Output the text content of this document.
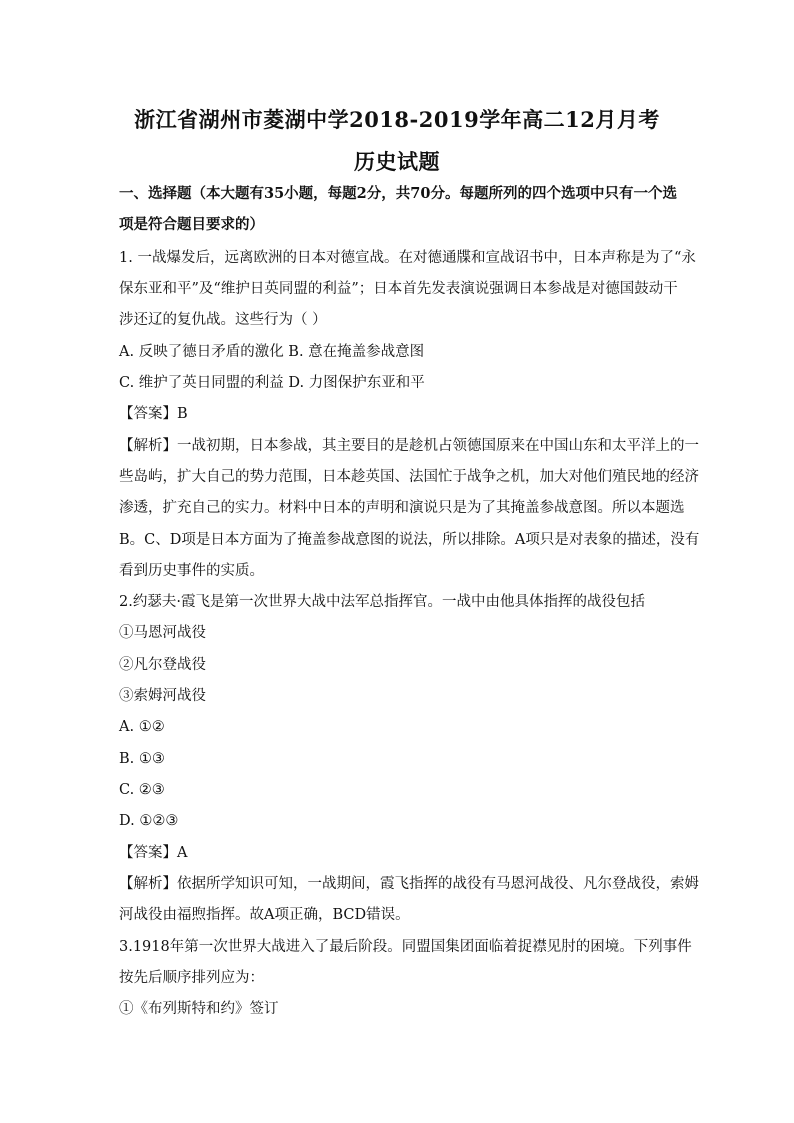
浙江省湖州市菱湖中学2018-2019学年高二12月月考
历史试题
一、选择题（本大题有35小题，每题2分，共70分。每题所列的四个选项中只有一个选
项是符合题目要求的）
1. 一战爆发后，远离欧洲的日本对德宣战。在对德通牒和宣战诏书中，日本声称是为了“永
保东亚和平”及“维护日英同盟的利益”；日本首先发表演说强调日本参战是对德国鼓动干
涉还辽的复仇战。这些行为（ ）
A. 反映了德日矛盾的激化 B. 意在掩盖参战意图
C. 维护了英日同盟的利益 D. 力图保护东亚和平
【答案】B
【解析】一战初期，日本参战，其主要目的是趁机占领德国原来在中国山东和太平洋上的一
些岛屿，扩大自己的势力范围，日本趁英国、法国忙于战争之机，加大对他们殖民地的经济
渗透，扩充自己的实力。材料中日本的声明和演说只是为了其掩盖参战意图。所以本题选
B。C、D项是日本方面为了掩盖参战意图的说法，所以排除。A项只是对表象的描述，没有
看到历史事件的实质。
2.约瑟夫·霞飞是第一次世界大战中法军总指挥官。一战中由他具体指挥的战役包括
①马恩河战役
②凡尔登战役
③索姆河战役
A. ①②
B. ①③
C. ②③
D. ①②③
【答案】A
【解析】依据所学知识可知，一战期间，霞飞指挥的战役有马恩河战役、凡尔登战役，索姆
河战役由福煦指挥。故A项正确，BCD错误。
3.1918年第一次世界大战进入了最后阶段。同盟国集团面临着捉襟见肘的困境。下列事件
按先后顺序排列应为：
①《布列斯特和约》签订
